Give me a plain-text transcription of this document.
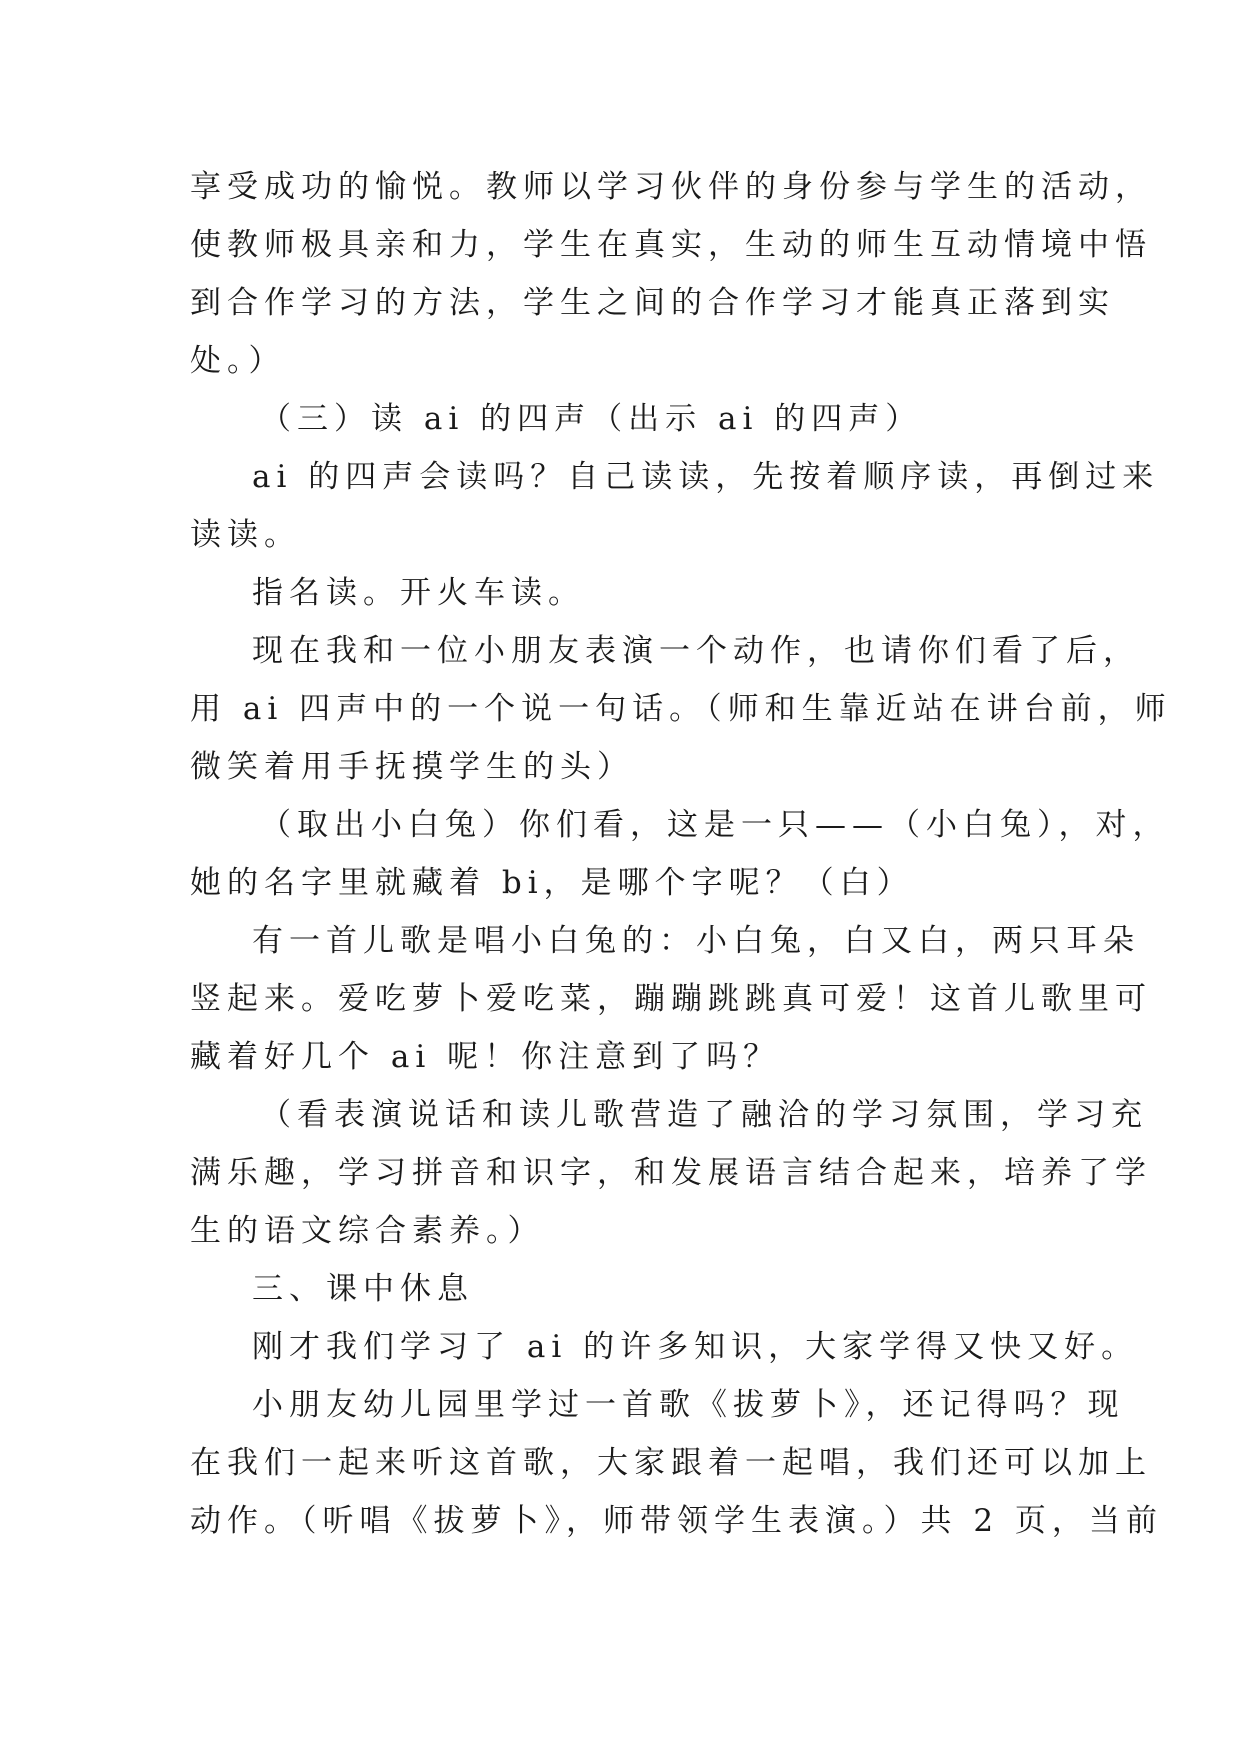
享受成功的愉悦。教师以学习伙伴的身份参与学生的活动，
使教师极具亲和力，学生在真实，生动的师生互动情境中悟
到合作学习的方法，学生之间的合作学习才能真正落到实
处。）
（三）读 ai 的四声（出示 ai 的四声）
ai 的四声会读吗？自己读读，先按着顺序读，再倒过来
读读。
指名读。开火车读。
现在我和一位小朋友表演一个动作，也请你们看了后，
用 ai 四声中的一个说一句话。（师和生靠近站在讲台前，师
微笑着用手抚摸学生的头）
（取出小白兔）你们看，这是一只——（小白兔），对，
她的名字里就藏着 bi，是哪个字呢？（白）
有一首儿歌是唱小白兔的：小白兔，白又白，两只耳朵
竖起来。爱吃萝卜爱吃菜，蹦蹦跳跳真可爱！这首儿歌里可
藏着好几个 ai 呢！你注意到了吗？
（看表演说话和读儿歌营造了融洽的学习氛围，学习充
满乐趣，学习拼音和识字，和发展语言结合起来，培养了学
生的语文综合素养。）
三、课中休息
刚才我们学习了 ai 的许多知识，大家学得又快又好。
小朋友幼儿园里学过一首歌《拔萝卜》，还记得吗？现
在我们一起来听这首歌，大家跟着一起唱，我们还可以加上
动作。（听唱《拔萝卜》，师带领学生表演。）共 2 页，当前
